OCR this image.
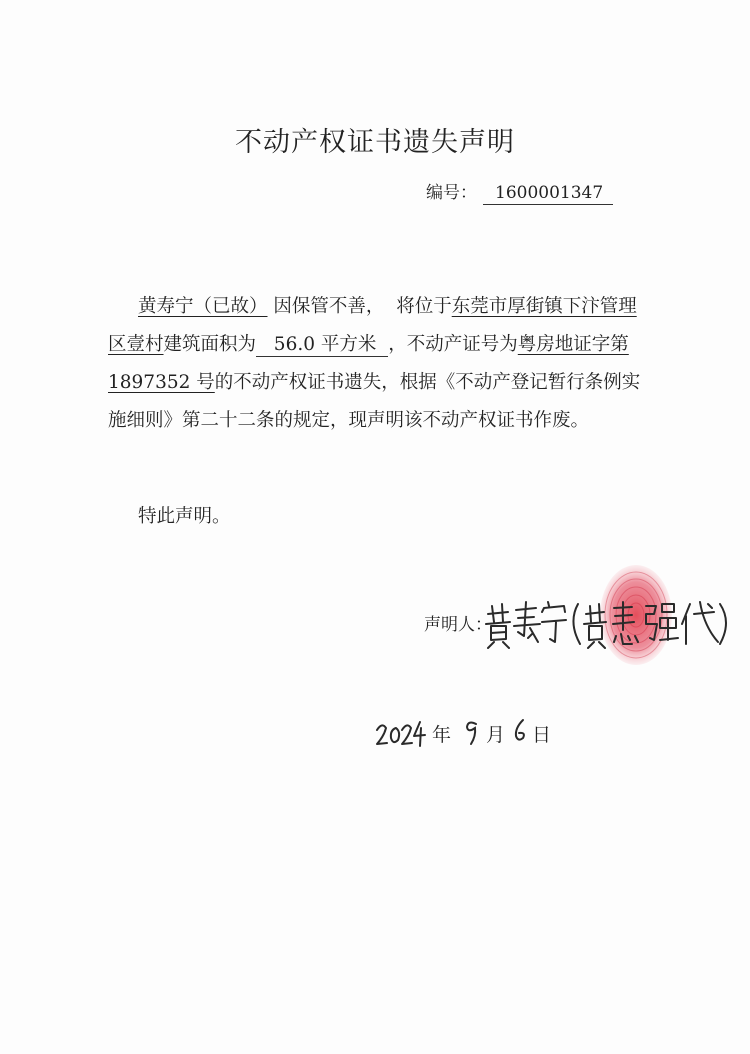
不动产权证书遗失声明
编号： 1600001347
黄寿宁（已故） 因保管不善， 将位于东莞市厚街镇下汴管理
区壹村建筑面积为 56.0 平方米 ，不动产证号为粤房地证字第
1897352 号的不动产权证书遗失，根据《不动产登记暂行条例实
施细则》第二十二条的规定，现声明该不动产权证书作废。
特此声明。
声明人：
年 月 日
